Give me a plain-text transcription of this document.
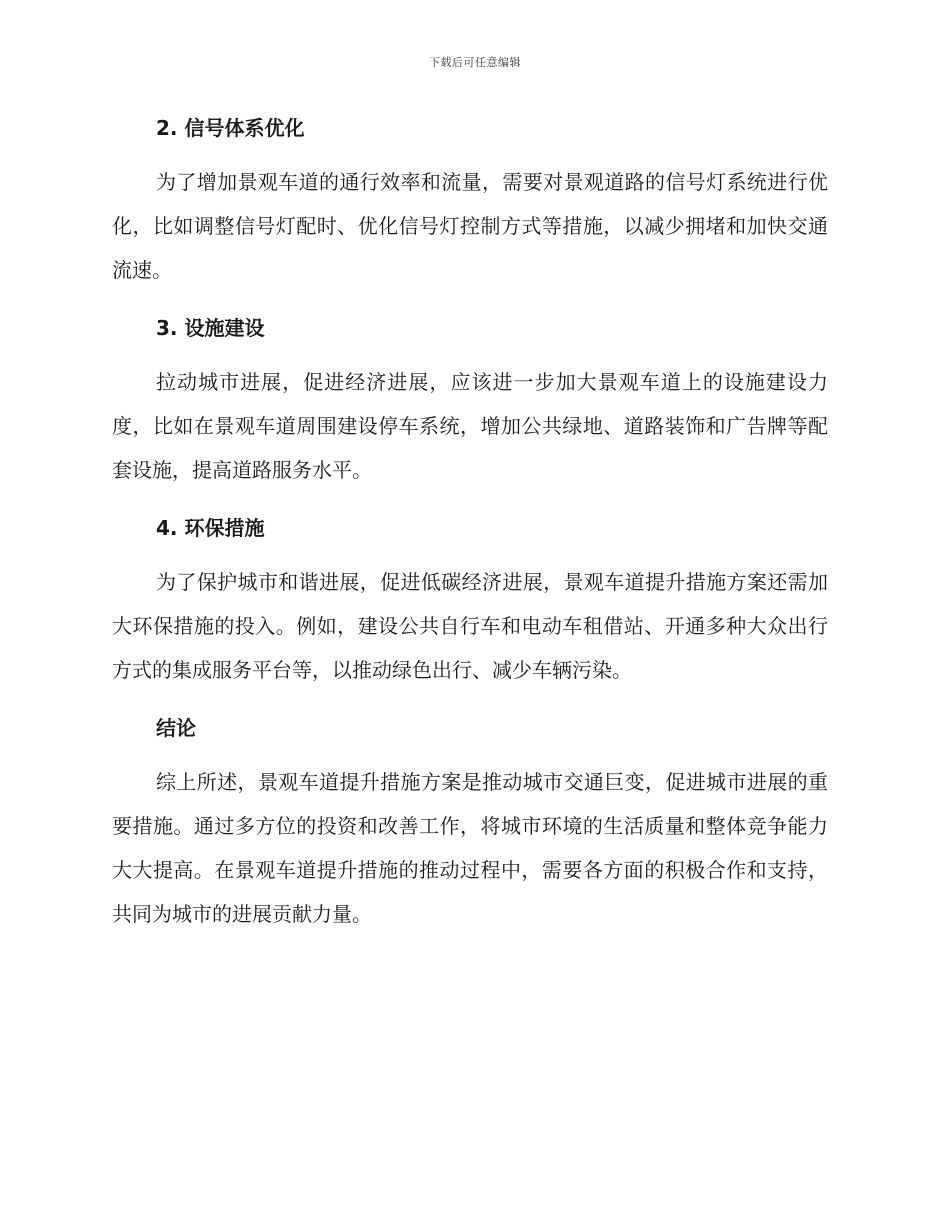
下载后可任意编辑
2. 信号体系优化

为了增加景观车道的通行效率和流量，需要对景观道路的信号灯系统进行优化，比如调整信号灯配时、优化信号灯控制方式等措施，以减少拥堵和加快交通流速。

3. 设施建设

拉动城市进展，促进经济进展，应该进一步加大景观车道上的设施建设力度，比如在景观车道周围建设停车系统，增加公共绿地、道路装饰和广告牌等配套设施，提高道路服务水平。

4. 环保措施

为了保护城市和谐进展，促进低碳经济进展，景观车道提升措施方案还需加大环保措施的投入。例如，建设公共自行车和电动车租借站、开通多种大众出行方式的集成服务平台等，以推动绿色出行、减少车辆污染。

结论

综上所述，景观车道提升措施方案是推动城市交通巨变，促进城市进展的重要措施。通过多方位的投资和改善工作，将城市环境的生活质量和整体竞争能力大大提高。在景观车道提升措施的推动过程中，需要各方面的积极合作和支持，共同为城市的进展贡献力量。
